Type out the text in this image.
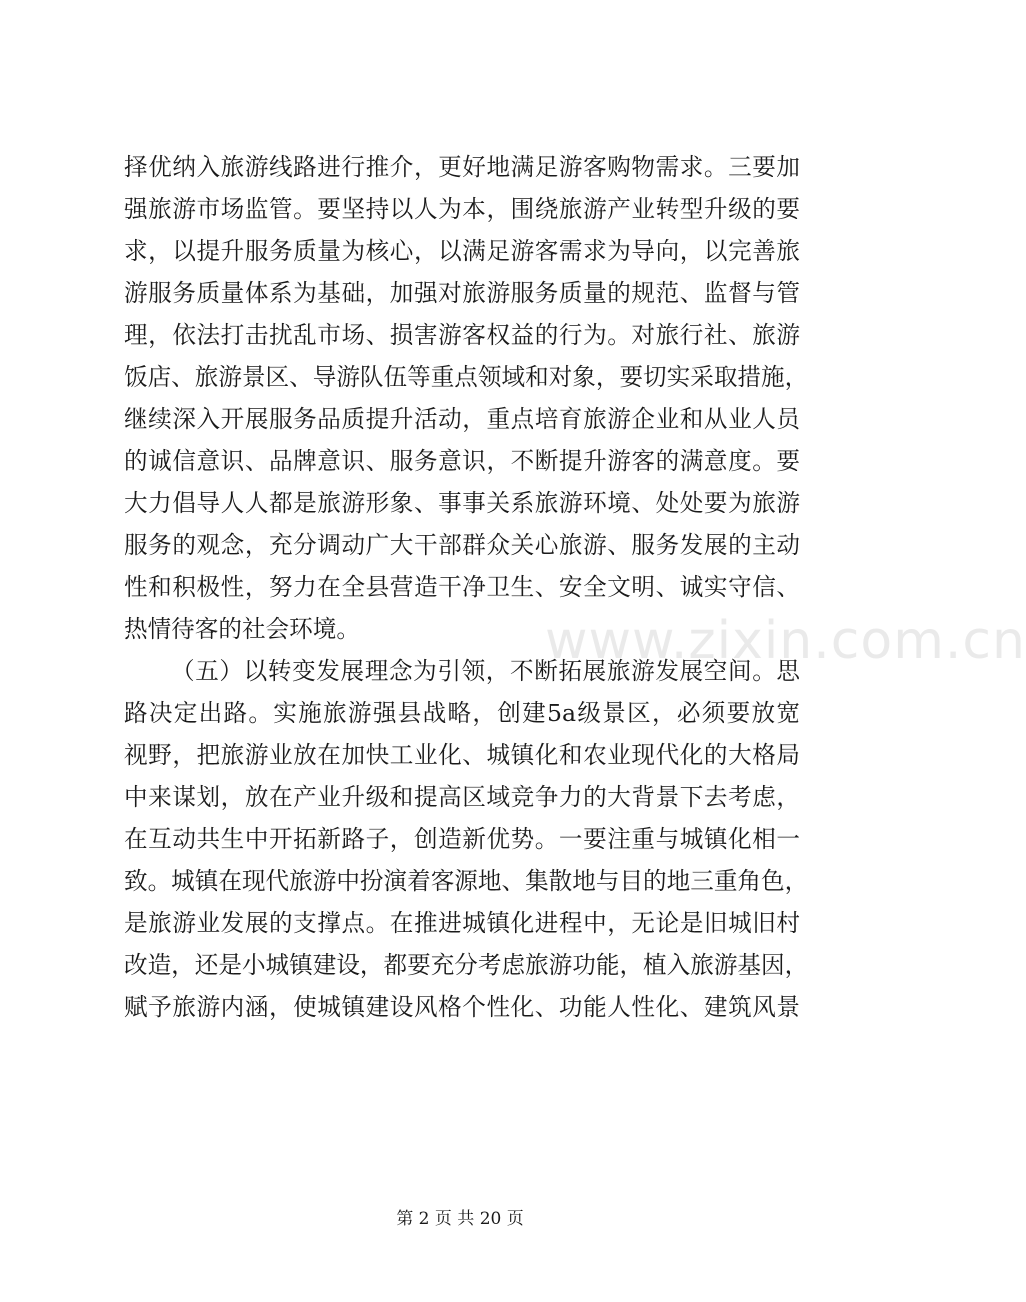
www.zixin.com.cn
择优纳入旅游线路进行推介，更好地满足游客购物需求。三要加
强旅游市场监管。要坚持以人为本，围绕旅游产业转型升级的要
求，以提升服务质量为核心，以满足游客需求为导向，以完善旅
游服务质量体系为基础，加强对旅游服务质量的规范、监督与管
理，依法打击扰乱市场、损害游客权益的行为。对旅行社、旅游
饭店、旅游景区、导游队伍等重点领域和对象，要切实采取措施，
继续深入开展服务品质提升活动，重点培育旅游企业和从业人员
的诚信意识、品牌意识、服务意识，不断提升游客的满意度。要
大力倡导人人都是旅游形象、事事关系旅游环境、处处要为旅游
服务的观念，充分调动广大干部群众关心旅游、服务发展的主动
性和积极性，努力在全县营造干净卫生、安全文明、诚实守信、
热情待客的社会环境。
（五）以转变发展理念为引领，不断拓展旅游发展空间。思
路决定出路。实施旅游强县战略，创建5a级景区，必须要放宽
视野，把旅游业放在加快工业化、城镇化和农业现代化的大格局
中来谋划，放在产业升级和提高区域竞争力的大背景下去考虑，
在互动共生中开拓新路子，创造新优势。一要注重与城镇化相一
致。城镇在现代旅游中扮演着客源地、集散地与目的地三重角色，
是旅游业发展的支撑点。在推进城镇化进程中，无论是旧城旧村
改造，还是小城镇建设，都要充分考虑旅游功能，植入旅游基因，
赋予旅游内涵，使城镇建设风格个性化、功能人性化、建筑风景
第 2 页 共 20 页
